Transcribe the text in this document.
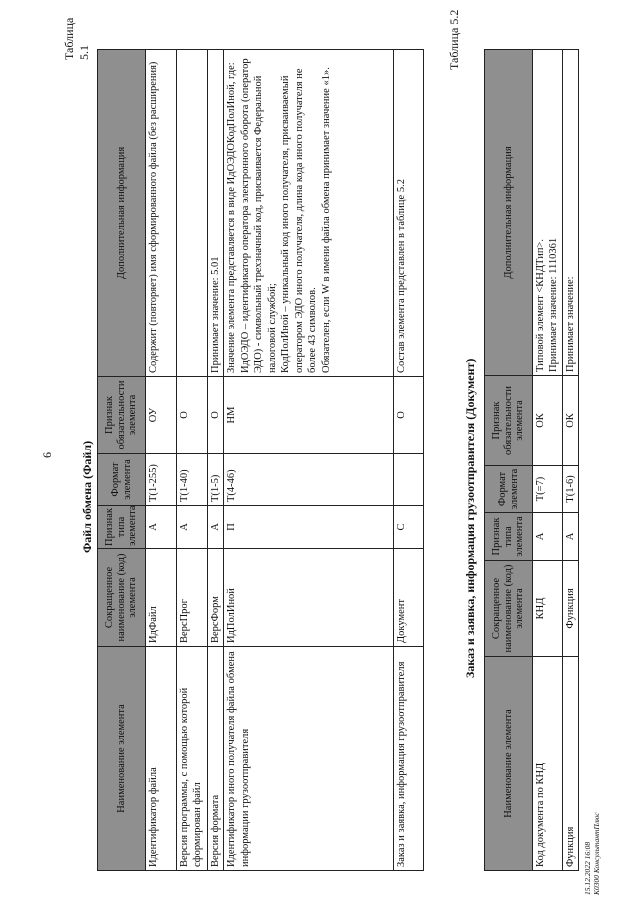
6
Таблица 5.1
Файл обмена (Файл)
Наименование элемента	Сокращенное наименование (код) элемента	Признак типа элемента	Формат элемента	Признак обязательности элемента	Дополнительная информация
Идентификатор файла	ИдФайл	А	Т(1-255)	ОУ	Содержит (повторяет) имя сформированного файла (без расширения)
Версия программы, с помощью которой сформирован файл	ВерсПрог	А	Т(1-40)	О	
Версия формата	ВерсФорм	А	Т(1-5)	О	Принимает значение: 5.01
Идентификатор иного получателя файла обмена информации грузоотправителя	ИдПолИной	П	Т(4-46)	НМ	Значение элемента представляется в виде ИдОЭДОКодПолИной, где:
ИдОЭДО – идентификатор оператора электронного оборота (оператор ЭДО) - символьный трехзначный код, присваивается Федеральной налоговой службой;
КодПолИной – уникальный код иного получателя, присваиваемый оператором ЭДО иного получателя, длина кода иного получателя не более 43 символов.
Обязателен, если W в имени файла обмена принимает значение «1».
Заказ и заявка, информация грузоотправителя	Документ	С		О	Состав элемента представлен в таблице 5.2
Таблица 5.2
Заказ и заявка, информация грузоотправителя (Документ)
Наименование элемента	Сокращенное наименование (код) элемента	Признак типа элемента	Формат элемента	Признак обязательности элемента	Дополнительная информация
Код документа по КНД	КНД	А	Т(=7)	ОК	Типовой элемент <КНДТип>.
Принимает значение: 1110361
Функция	Функция	А	Т(1-6)	ОК	Принимает значение:
15.12.2022 16:08 К0300 КонсультантПлюс
